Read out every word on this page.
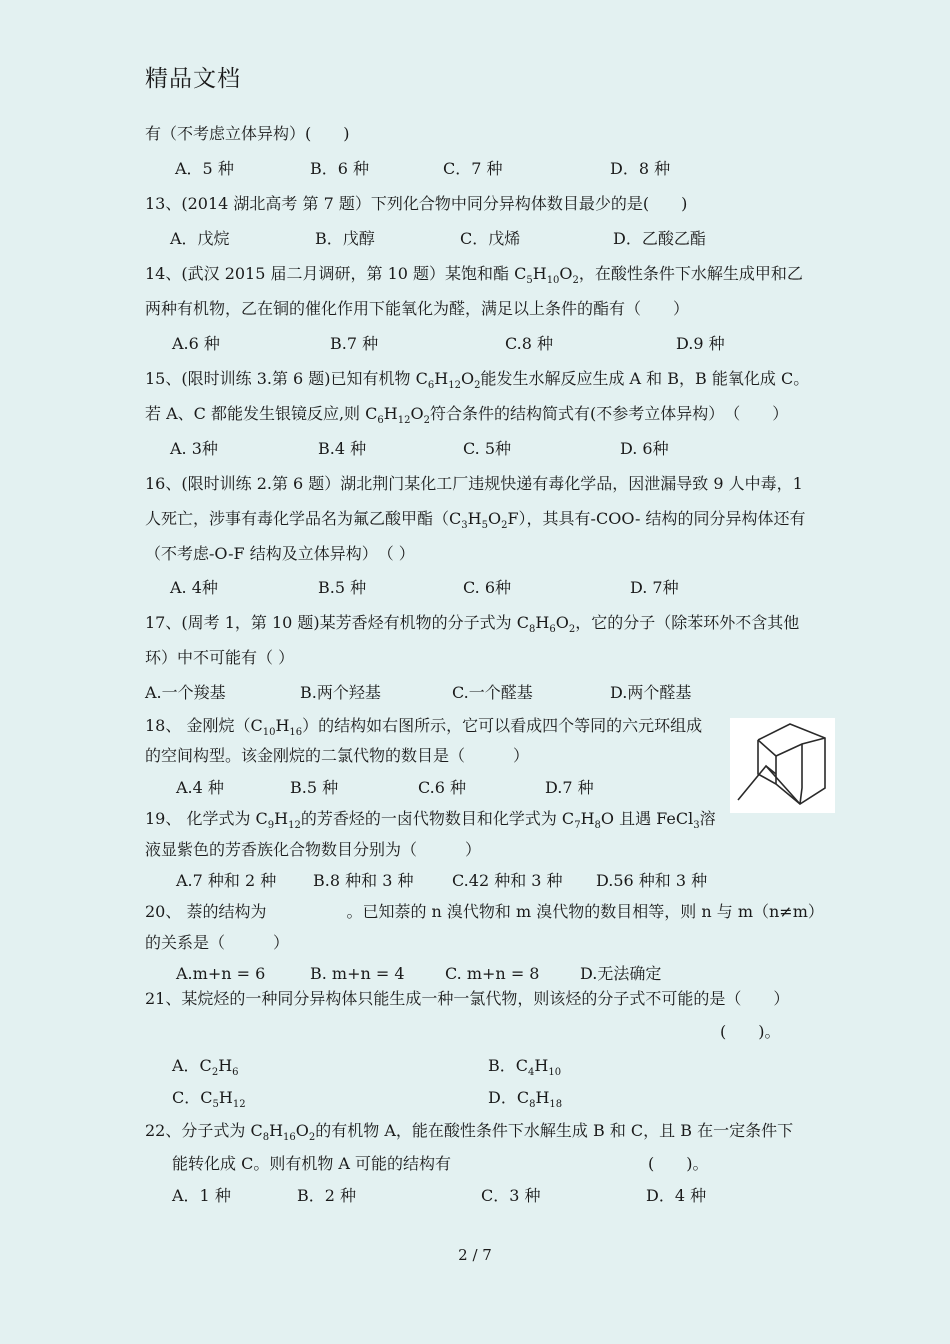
精品文档
有（不考虑立体异构）(　　)
A．5 种	B．6 种	C．7 种	D．8 种
13、(2014 湖北高考 第 7 题）下列化合物中同分异构体数目最少的是(　　)
A．戊烷	B．戊醇	C．戊烯	D．乙酸乙酯
14、(武汉 2015 届二月调研，第 10 题）某饱和酯 $C_5H_{10}O_2$，在酸性条件下水解生成甲和乙
两种有机物，乙在铜的催化作用下能氧化为醛，满足以上条件的酯有（　　）
A.6 种	B.7 种	C.8 种	D.9 种
15、(限时训练 3.第 6 题)已知有机物 $C_6H_{12}O_2$能发生水解反应生成 A 和 B，B 能氧化成 C。
若 A、C 都能发生银镜反应,则 $C_6H_{12}O_2$符合条件的结构简式有(不参考立体异构）　（　　）
A. 3种	B.4 种	C. 5种	D. 6种
16、(限时训练 2.第 6 题）湖北荆门某化工厂违规快递有毒化学品，因泄漏导致 9 人中毒，1
人死亡，涉事有毒化学品名为氟乙酸甲酯$(C_3H_5O_2F)$，其具有-COO- 结构的同分异构体还有
（不考虑-O-F 结构及立体异构）　（ ）
A. 4种	B.5 种	C. 6种	D. 7种
17、(周考 1，第 10 题)某芳香烃有机物的分子式为 $C_8H_6O_2$，它的分子（除苯环外不含其他
环）中不可能有（ ）
A.一个羧基	B.两个羟基	C.一个醛基	D.两个醛基
18、 金刚烷$(C_{10}H_{16})$的结构如右图所示，它可以看成四个等同的六元环组成
的空间构型。该金刚烷的二氯代物的数目是（　　　）
A.4 种	B.5 种	C.6 种	D.7 种
19、 化学式为 $C_9H_{12}$的芳香烃的一卤代物数目和化学式为 $C_7H_8O$ 且遇 FeCl$_3$溶
液显紫色的芳香族化合物数目分别为（　　　）
A.7 种和 2 种 B.8 种和 3 种 C.42 种和 3 种 D.56 种和 3 种
20、 萘的结构为　　　　　。已知萘的 n 溴代物和 m 溴代物的数目相等，则 n 与 m（n≠m）
的关系是（　　　）
A.m+n = 6	B. m+n = 4	C. m+n = 8	D.无法确定
21、某烷烃的一种同分异构体只能生成一种一氯代物，则该烃的分子式不可能的是（　　）
(　　)。
A．$C_2H_6$	B．$C_4H_{10}$
C．$C_5H_{12}$	D．$C_8H_{18}$
22、分子式为 $C_8H_{16}O_2$的有机物 A，能在酸性条件下水解生成 B 和 C，且 B 在一定条件下
能转化成 C。则有机物 A 可能的结构有	(　　)。
A．1 种	B．2 种	C．3 种	D．4 种
2 / 7
